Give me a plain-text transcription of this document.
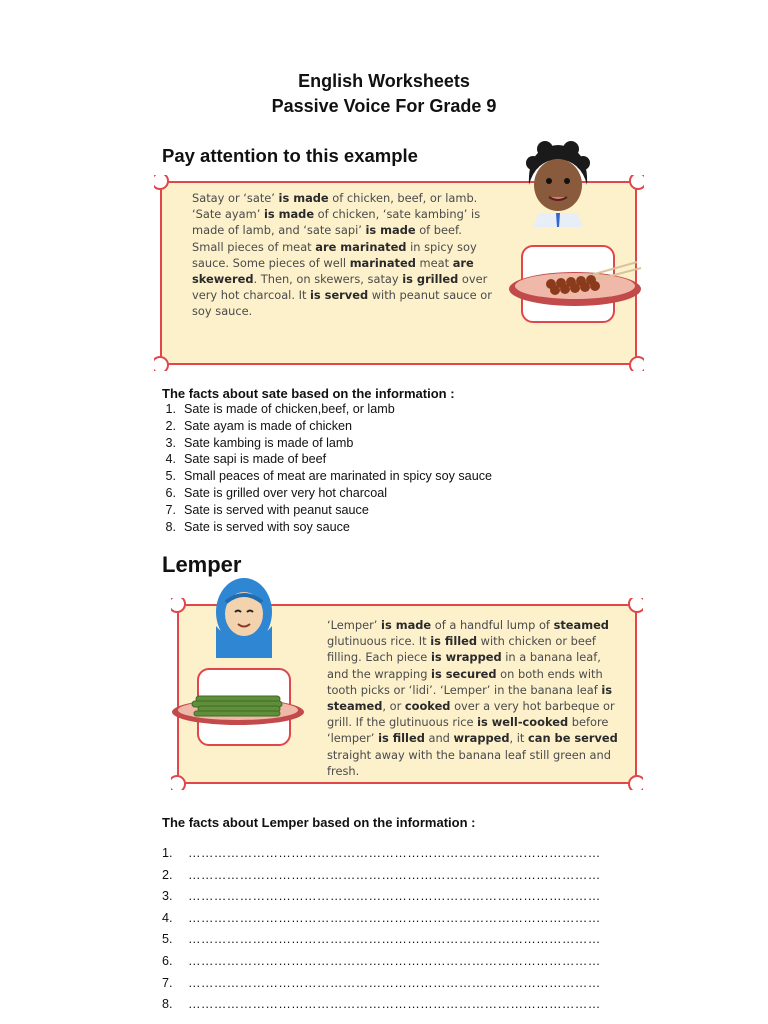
English Worksheets
Passive Voice For Grade 9
Pay attention to this example
Satay or ‘sate’ is made of chicken, beef, or lamb. ‘Sate ayam’ is made of chicken, ‘sate kambing’ is made of lamb, and ‘sate sapi’ is made of beef. Small pieces of meat are marinated in spicy soy sauce. Some pieces of well marinated meat are skewered. Then, on skewers, satay is grilled over very hot charcoal. It is served with peanut sauce or soy sauce.
The facts about sate based on the information :
1. Sate is made of chicken,beef, or lamb
2. Sate ayam is made of chicken
3. Sate kambing is made of lamb
4. Sate sapi is made of beef
5. Small peaces of meat are marinated in spicy soy sauce
6. Sate is grilled over very hot charcoal
7. Sate is served with peanut sauce
8. Sate is served with soy sauce
Lemper
‘Lemper’ is made of a handful lump of steamed glutinuous rice. It is filled with chicken or beef filling. Each piece is wrapped in a banana leaf, and the wrapping is secured on both ends with tooth picks or ‘lidi’. ‘Lemper’ in the banana leaf is steamed, or cooked over a very hot barbeque or grill. If the glutinuous rice is well-cooked before ‘lemper’ is filled and wrapped, it can be served straight away with the banana leaf still green and fresh.
The facts about Lemper based on the information :
1.	……………………………………………………………………………………
2.	……………………………………………………………………………………
3.	……………………………………………………………………………………
4.	……………………………………………………………………………………
5.	……………………………………………………………………………………
6.	……………………………………………………………………………………
7.	……………………………………………………………………………………
8.	……………………………………………………………………………………
